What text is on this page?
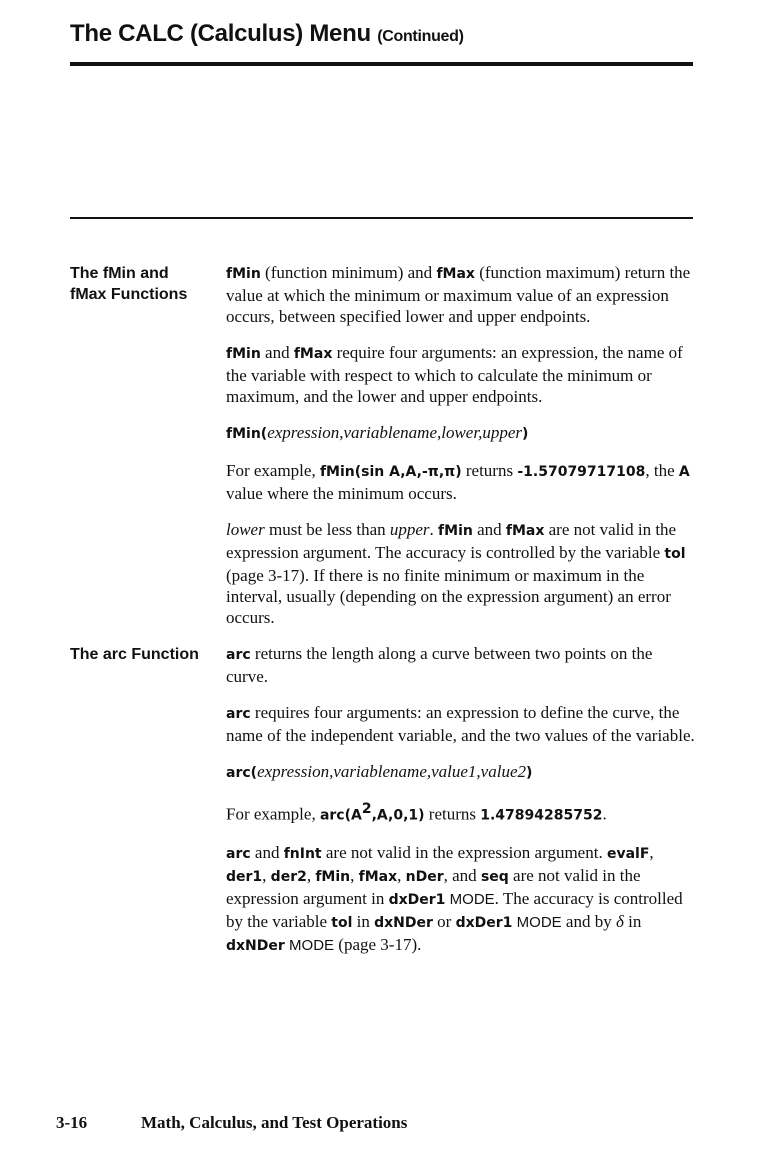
The CALC (Calculus) Menu (Continued)
The fMin and
fMax Functions

fMin (function minimum) and fMax (function maximum) return the value at which the minimum or maximum value of an expression occurs, between specified lower and upper endpoints.

fMin and fMax require four arguments: an expression, the name of the variable with respect to which to calculate the minimum or maximum, and the lower and upper endpoints.

fMin(expression,variablename,lower,upper)

For example, fMin(sin A,A,-π,π) returns -1.57079717108, the A value where the minimum occurs.

lower must be less than upper. fMin and fMax are not valid in the expression argument. The accuracy is controlled by the variable tol (page 3-17). If there is no finite minimum or maximum in the interval, usually (depending on the expression argument) an error occurs.

The arc Function	arc returns the length along a curve between two points on the curve.

arc requires four arguments: an expression to define the curve, the name of the independent variable, and the two values of the variable.

arc(expression,variablename,value1,value2)

For example, $arc(A^2,A,0,1)$ returns 1.47894285752.

arc and fnInt are not valid in the expression argument. evalF, der1, der2, fMin, fMax, nDer, and seq are not valid in the expression argument in dxDer1 MODE. The accuracy is controlled by the variable tol in dxNDer or dxDer1 MODE and by δ in dxNDer MODE (page 3-17).

3-16	Math, Calculus, and Test Operations
